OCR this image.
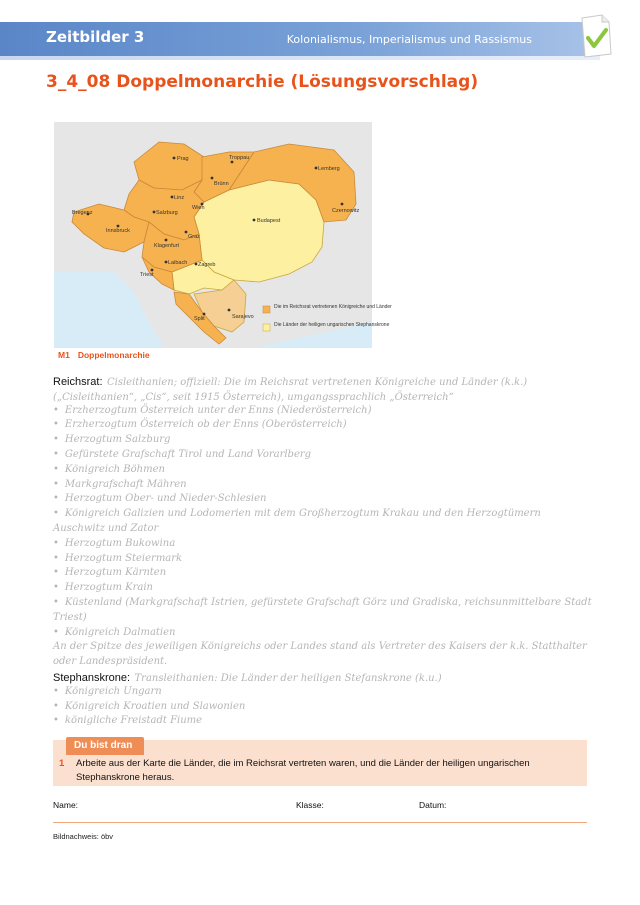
Zeitbilder 3	Kolonialismus, Imperialismus und Rassismus
3_4_08 Doppelmonarchie (Lösungsvorschlag)
Prag	Troppau
Lemberg
Brünn
Linz
Wien	Czernowitz
Bregenz	Salzburg
Innsbruck
Budapest
Graz
Klagenfurt
Laibach
Triest
Zagreb
Sarajevo
Split
Die im Reichsrat vertretenen Königreiche und Länder
Die Länder der heiligen ungarischen Stephanskrone
M1 Doppelmonarchie
Reichsrat: Cisleithanien; offiziell: Die im Reichsrat vertretenen Königreiche und Länder (k.k.)
(„Cisleithanien“, „Cis“, seit 1915 Österreich), umgangssprachlich „Österreich“
• Erzherzogtum Österreich unter der Enns (Niederösterreich)
• Erzherzogtum Österreich ob der Enns (Oberösterreich)
• Herzogtum Salzburg
• Gefürstete Grafschaft Tirol und Land Vorarlberg
• Königreich Böhmen
• Markgrafschaft Mähren
• Herzogtum Ober- und Nieder-Schlesien
• Königreich Galizien und Lodomerien mit dem Großherzogtum Krakau und den Herzogtümern
Auschwitz und Zator
• Herzogtum Bukowina
• Herzogtum Steiermark
• Herzogtum Kärnten
• Herzogtum Krain
• Küstenland (Markgrafschaft Istrien, gefürstete Grafschaft Görz und Gradiska, reichsunmittelbare Stadt
Triest)
• Königreich Dalmatien
An der Spitze des jeweiligen Königreichs oder Landes stand als Vertreter des Kaisers der k.k. Statthalter
oder Landespräsident.
Stephanskrone: Transleithanien: Die Länder der heiligen Stefanskrone (k.u.)
• Königreich Ungarn
• Königreich Kroatien und Slawonien
• königliche Freistadt Fiume
Du bist dran
1 Arbeite aus der Karte die Länder, die im Reichsrat vertreten waren, und die Länder der heiligen ungarischen Stephanskrone heraus.
Name:	Klasse:	Datum:
Bildnachweis: öbv
